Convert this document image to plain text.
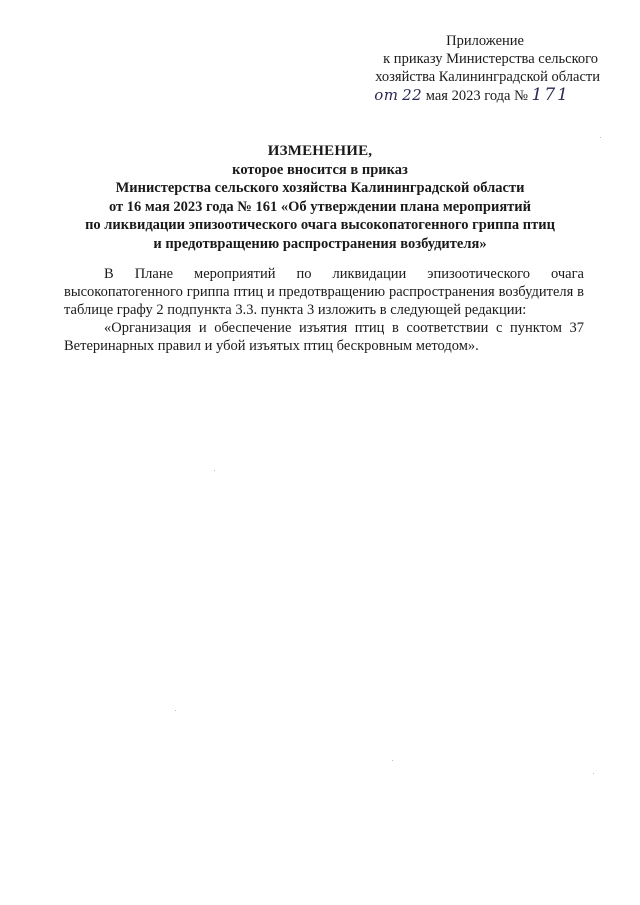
Приложение
к приказу Министерства сельского
хозяйства Калининградской области
от 22 мая 2023 года № 171
ИЗМЕНЕНИЕ,
которое вносится в приказ
Министерства сельского хозяйства Калининградской области
от 16 мая 2023 года № 161 «Об утверждении плана мероприятий
по ликвидации эпизоотического очага высокопатогенного гриппа птиц
и предотвращению распространения возбудителя»

В Плане мероприятий по ликвидации эпизоотического очага высокопатогенного гриппа птиц и предотвращению распространения возбудителя в таблице графу 2 подпункта 3.3. пункта 3 изложить в следующей редакции:

«Организация и обеспечение изъятия птиц в соответствии с пунктом 37 Ветеринарных правил и убой изъятых птиц бескровным методом».
